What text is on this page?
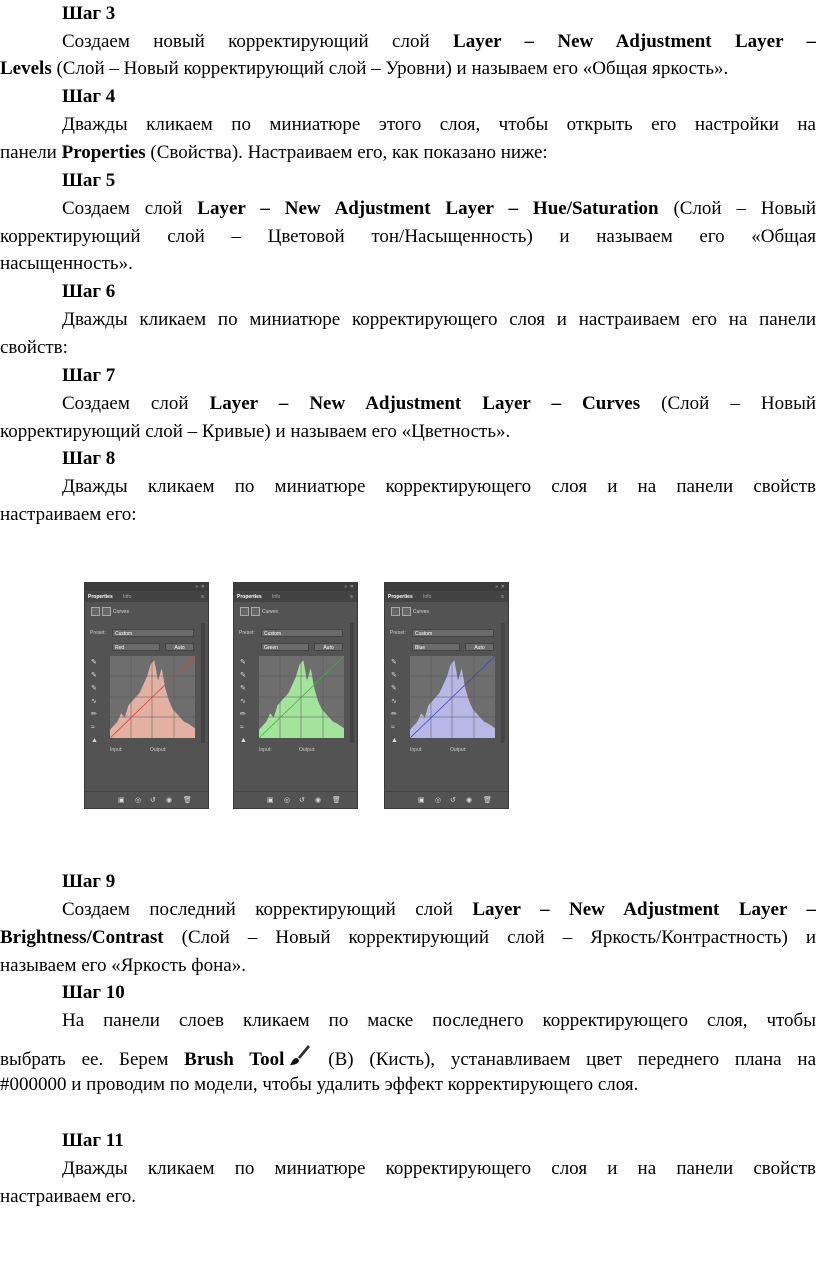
Шаг 3
Создаем новый корректирующий слой Layer – New Adjustment Layer –
Levels (Слой – Новый корректирующий слой – Уровни) и называем его «Общая яркость».
Шаг 4
Дважды кликаем по миниатюре этого слоя, чтобы открыть его настройки на
панели Properties (Свойства). Настраиваем его, как показано ниже:
Шаг 5
Создаем слой Layer – New Adjustment Layer – Hue/Saturation (Слой – Новый
корректирующий слой – Цветовой тон/Насыщенность) и называем его «Общая
насыщенность».
Шаг 6
Дважды кликаем по миниатюре корректирующего слоя и настраиваем его на панели
свойств:
Шаг 7
Создаем слой Layer – New Adjustment Layer – Curves (Слой – Новый
корректирующий слой – Кривые) и называем его «Цветность».
Шаг 8
Дважды кликаем по миниатюре корректирующего слоя и на панели свойств
настраиваем его:
» ✕
Properties Info	≡
Curves
Preset:	Custom
Red	Auto
✎
✎
✎
∿
✏
≈
▲
Input:	Output:
▣ ◎ ↺ ◉ 🗑
» ✕
Properties Info	≡
Curves
Preset:	Custom
Green	Auto
✎
✎
✎
∿
✏
≈
▲
Input:	Output:
▣ ◎ ↺ ◉ 🗑
» ✕
Properties Info	≡
Curves
Preset:	Custom
Blue	Auto
✎
✎
✎
∿
✏
≈
▲
Input:	Output:
▣ ◎ ↺ ◉ 🗑
Шаг 9
Создаем последний корректирующий слой Layer – New Adjustment Layer –
Brightness/Contrast (Слой – Новый корректирующий слой – Яркость/Контрастность) и
называем его «Яркость фона».
Шаг 10
На панели слоев кликаем по маске последнего корректирующего слоя, чтобы
выбрать ее. Берем Brush Tool (B) (Кисть), устанавливаем цвет переднего плана на
#000000 и проводим по модели, чтобы удалить эффект корректирующего слоя.
Шаг 11
Дважды кликаем по миниатюре корректирующего слоя и на панели свойств
настраиваем его.
